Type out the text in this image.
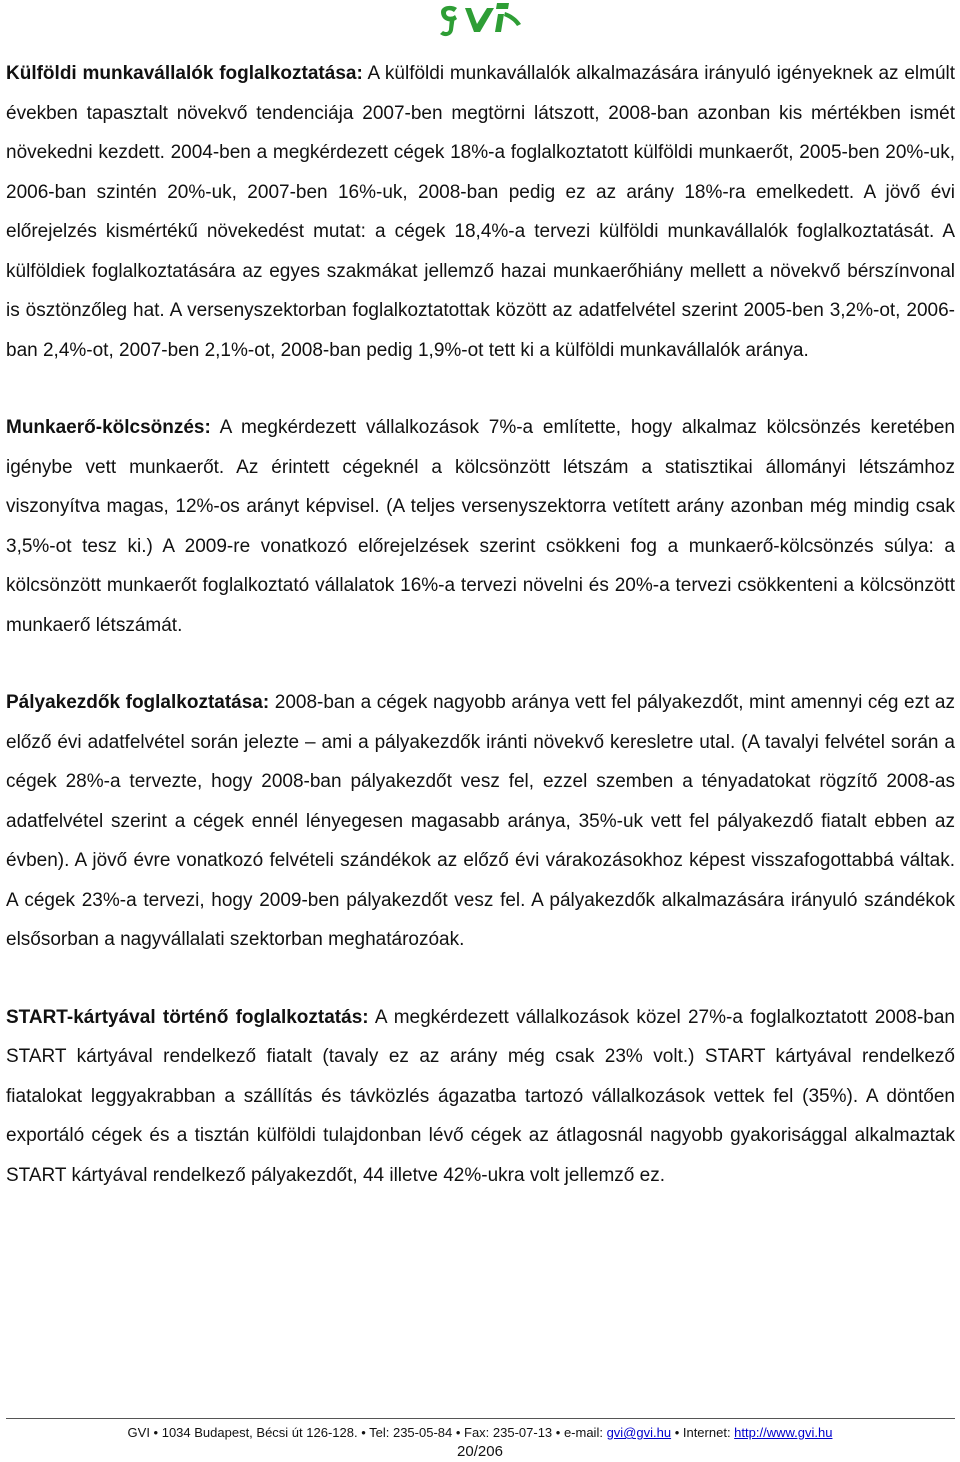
Külföldi munkavállalók foglalkoztatása: A külföldi munkavállalók alkalmazására irányuló igényeknek az elmúlt években tapasztalt növekvő tendenciája 2007-ben megtörni látszott, 2008-ban azonban kis mértékben ismét növekedni kezdett. 2004-ben a megkérdezett cégek 18%-a foglalkoztatott külföldi munkaerőt, 2005-ben 20%-uk, 2006-ban szintén 20%-uk, 2007-ben 16%-uk, 2008-ban pedig ez az arány 18%-ra emelkedett. A jövő évi előrejelzés kismértékű növekedést mutat: a cégek 18,4%-a tervezi külföldi munkavállalók foglalkoztatását. A külföldiek foglalkoztatására az egyes szakmákat jellemző hazai munkaerőhiány mellett a növekvő bérszínvonal is ösztönzőleg hat. A versenyszektorban foglalkoztatottak között az adatfelvétel szerint 2005-ben 3,2%-ot, 2006-ban 2,4%-ot, 2007-ben 2,1%-ot, 2008-ban pedig 1,9%-ot tett ki a külföldi munkavállalók aránya.

Munkaerő-kölcsönzés: A megkérdezett vállalkozások 7%-a említette, hogy alkalmaz kölcsönzés keretében igénybe vett munkaerőt. Az érintett cégeknél a kölcsönzött létszám a statisztikai állományi létszámhoz viszonyítva magas, 12%-os arányt képvisel. (A teljes versenyszektorra vetített arány azonban még mindig csak 3,5%-ot tesz ki.) A 2009-re vonatkozó előrejelzések szerint csökkeni fog a munkaerő-kölcsönzés súlya: a kölcsönzött munkaerőt foglalkoztató vállalatok 16%-a tervezi növelni és 20%-a tervezi csökkenteni a kölcsönzött munkaerő létszámát.

Pályakezdők foglalkoztatása: 2008-ban a cégek nagyobb aránya vett fel pályakezdőt, mint amennyi cég ezt az előző évi adatfelvétel során jelezte – ami a pályakezdők iránti növekvő keresletre utal. (A tavalyi felvétel során a cégek 28%-a tervezte, hogy 2008-ban pályakezdőt vesz fel, ezzel szemben a tényadatokat rögzítő 2008-as adatfelvétel szerint a cégek ennél lényegesen magasabb aránya, 35%-uk vett fel pályakezdő fiatalt ebben az évben). A jövő évre vonatkozó felvételi szándékok az előző évi várakozásokhoz képest visszafogottabbá váltak. A cégek 23%-a tervezi, hogy 2009-ben pályakezdőt vesz fel. A pályakezdők alkalmazására irányuló szándékok elsősorban a nagyvállalati szektorban meghatározóak.

START-kártyával történő foglalkoztatás: A megkérdezett vállalkozások közel 27%-a foglalkoztatott 2008-ban START kártyával rendelkező fiatalt (tavaly ez az arány még csak 23% volt.) START kártyával rendelkező fiatalokat leggyakrabban a szállítás és távközlés ágazatba tartozó vállalkozások vettek fel (35%). A döntően exportáló cégek és a tisztán külföldi tulajdonban lévő cégek az átlagosnál nagyobb gyakorisággal alkalmaztak START kártyával rendelkező pályakezdőt, 44 illetve 42%-ukra volt jellemző ez.

GVI • 1034 Budapest, Bécsi út 126-128. • Tel: 235-05-84 • Fax: 235-07-13 • e-mail: gvi@gvi.hu • Internet: http://www.gvi.hu
20/206
